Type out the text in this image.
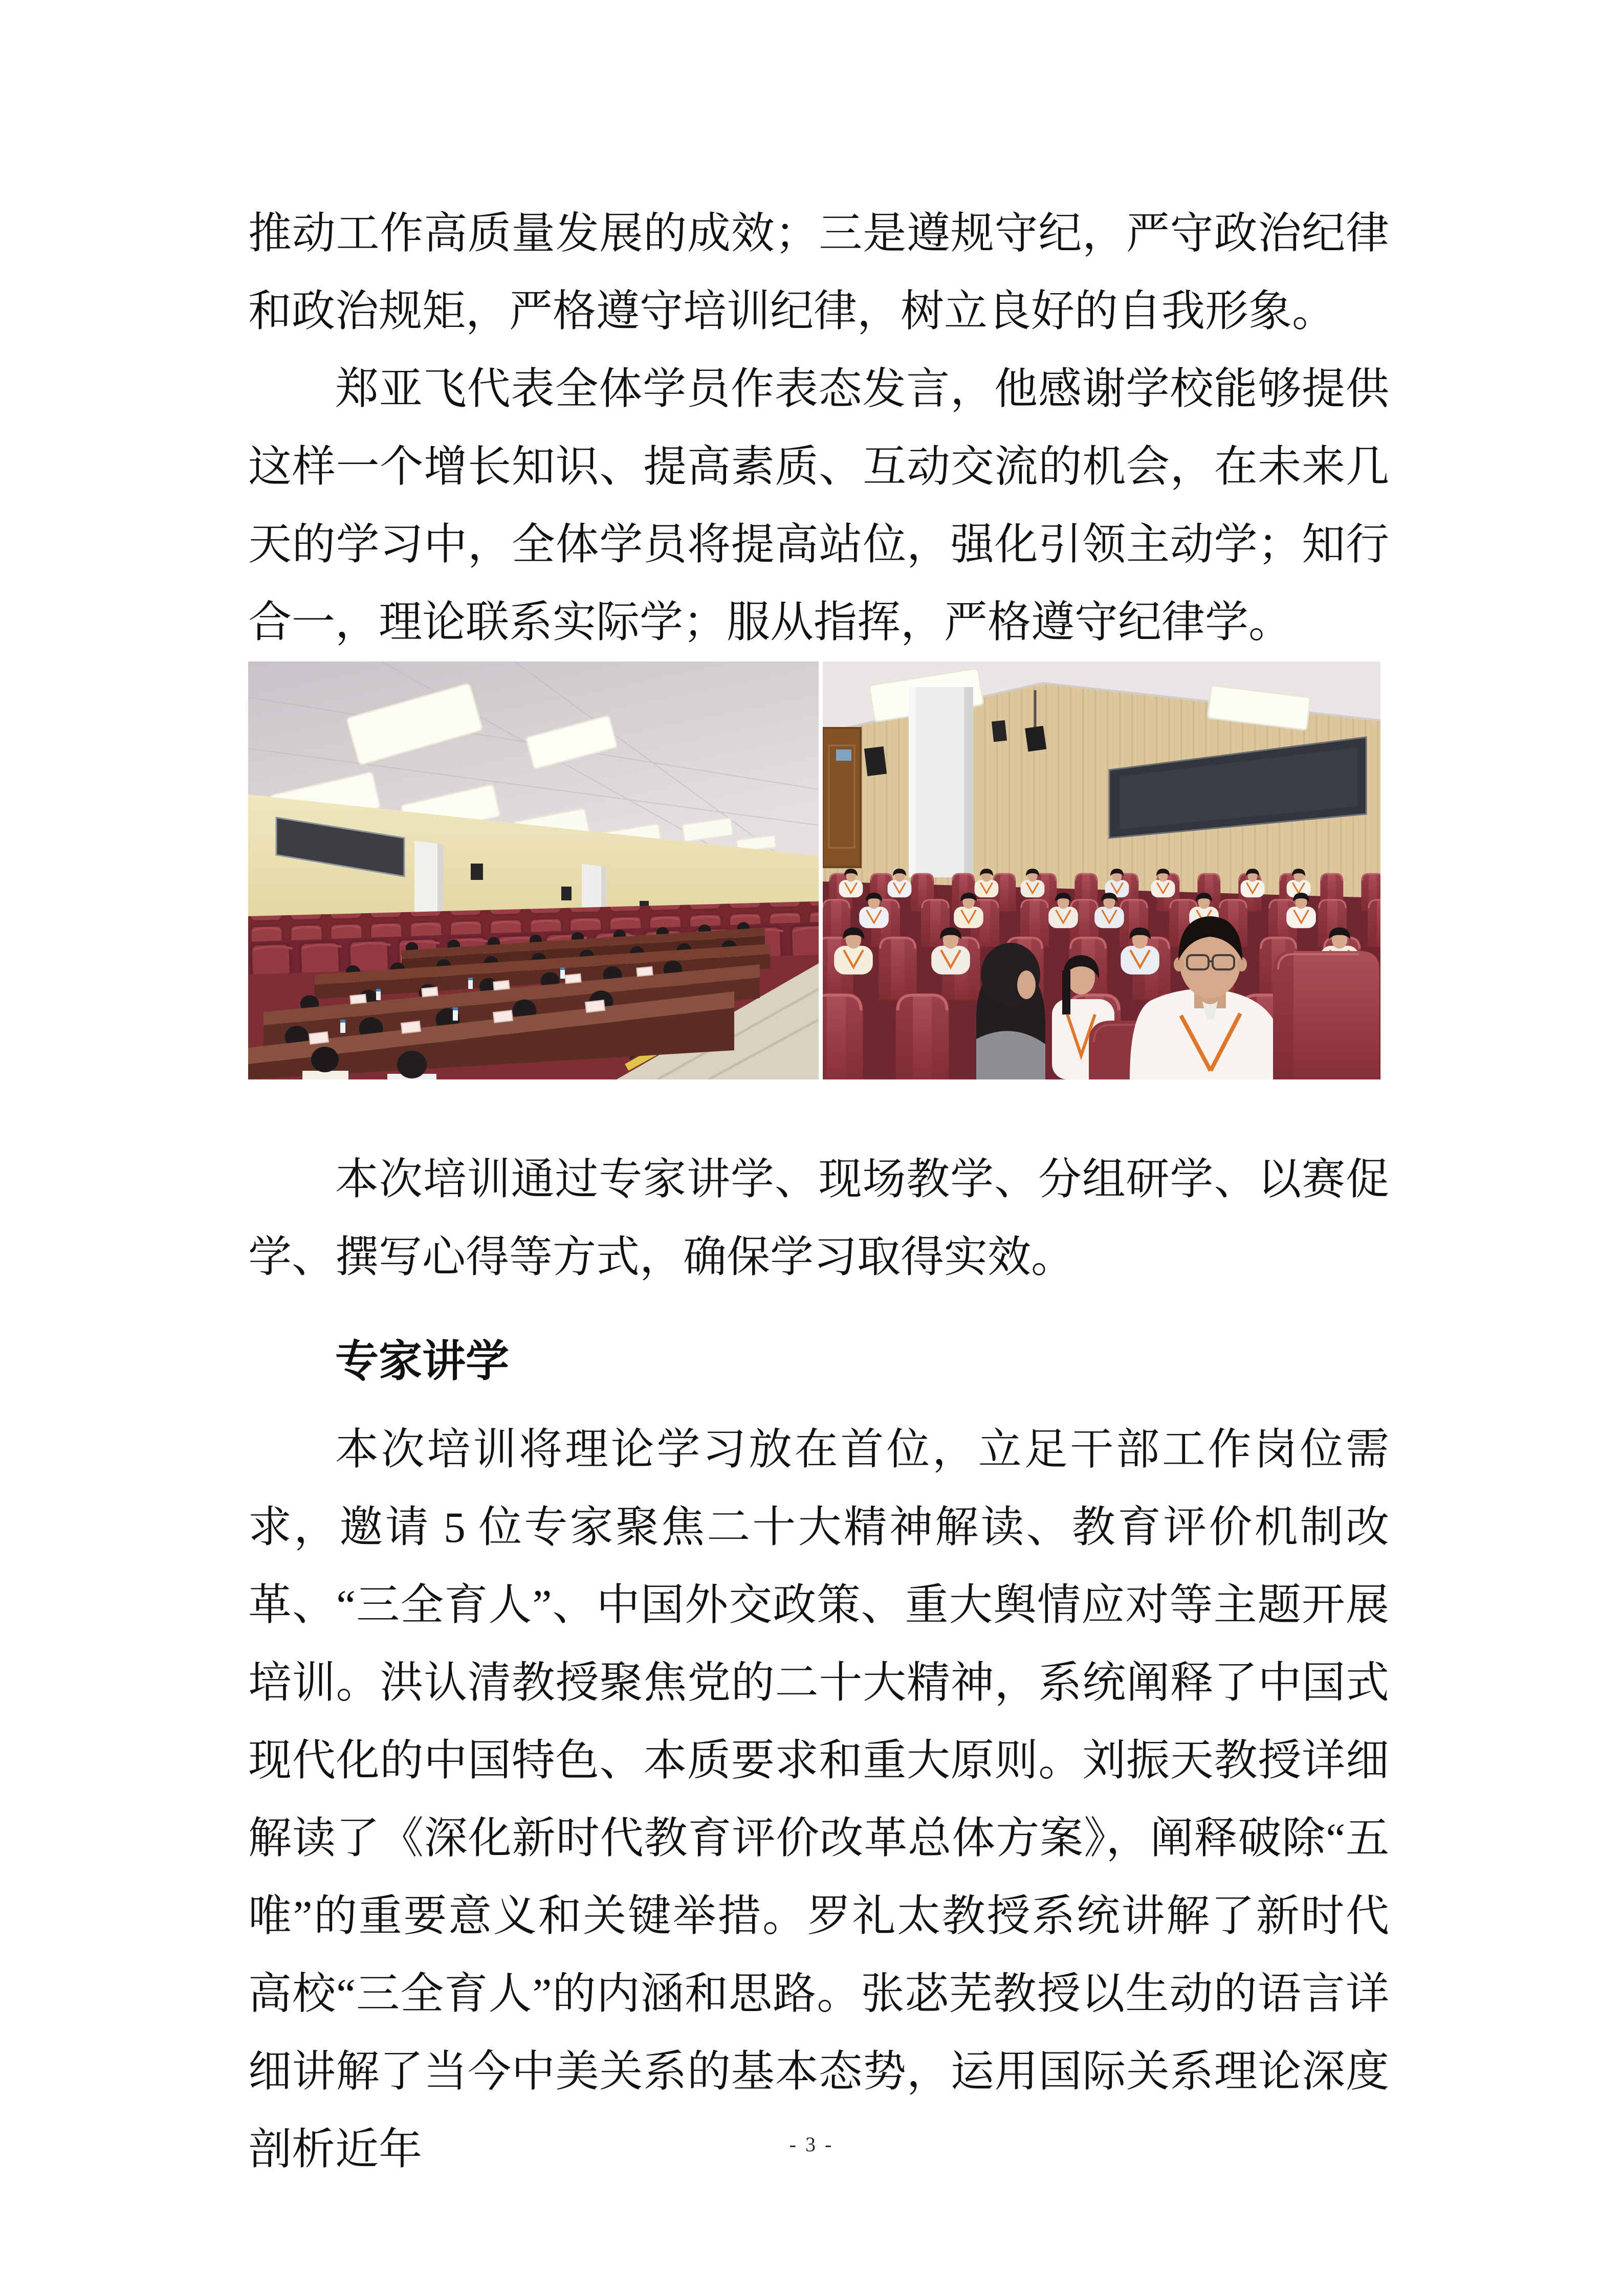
推动工作高质量发展的成效；三是遵规守纪，严守政治纪律和政治规矩，严格遵守培训纪律，树立良好的自我形象。

郑亚飞代表全体学员作表态发言，他感谢学校能够提供这样一个增长知识、提高素质、互动交流的机会，在未来几天的学习中，全体学员将提高站位，强化引领主动学；知行合一，理论联系实际学；服从指挥，严格遵守纪律学。

本次培训通过专家讲学、现场教学、分组研学、以赛促学、撰写心得等方式，确保学习取得实效。

专家讲学

本次培训将理论学习放在首位，立足干部工作岗位需求，邀请 5 位专家聚焦二十大精神解读、教育评价机制改革、“三全育人”、中国外交政策、重大舆情应对等主题开展培训。洪认清教授聚焦党的二十大精神，系统阐释了中国式现代化的中国特色、本质要求和重大原则。刘振天教授详细解读了《深化新时代教育评价改革总体方案》，阐释破除“五唯”的重要意义和关键举措。罗礼太教授系统讲解了新时代高校“三全育人”的内涵和思路。张苾芜教授以生动的语言详细讲解了当今中美关系的基本态势，运用国际关系理论深度剖析近年	- 3 -
